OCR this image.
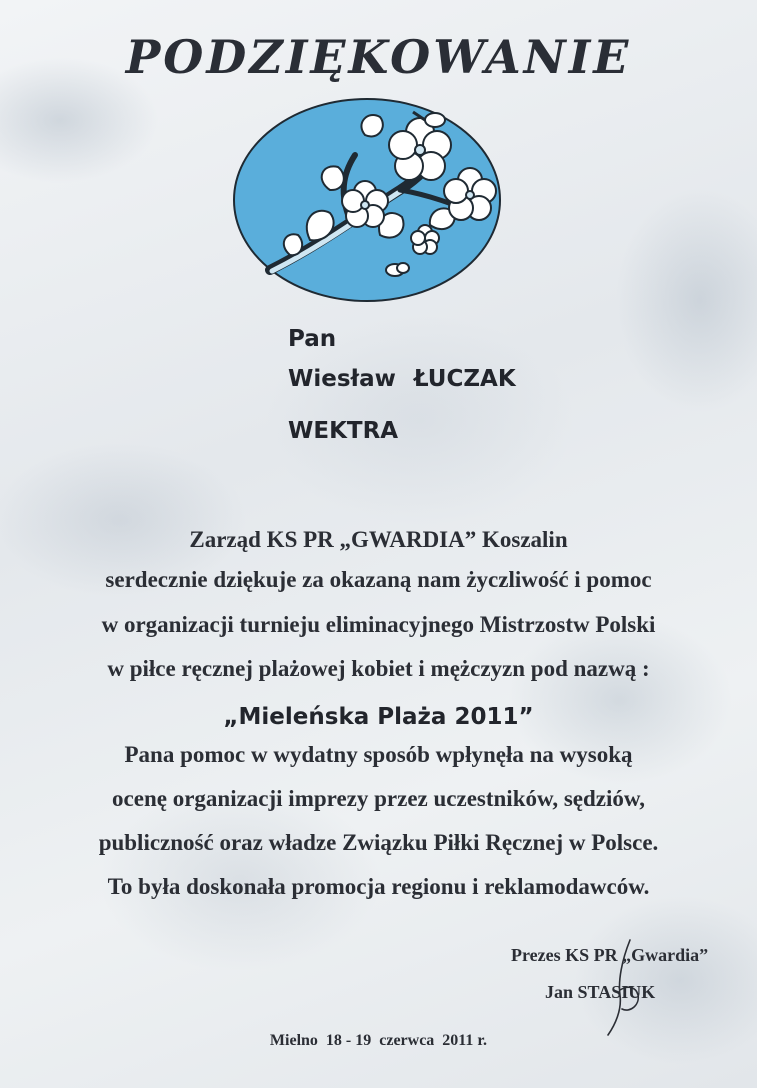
PODZIĘKOWANIE

Pan

Wiesław ŁUCZAK

WEKTRA

Zarząd KS PR „GWARDIA” Koszalin

serdecznie dziękuje za okazaną nam życzliwość i pomoc

w organizacji turnieju eliminacyjnego Mistrzostw Polski

w piłce ręcznej plażowej kobiet i mężczyzn pod nazwą :

„Mieleńska Plaża 2011”

Pana pomoc w wydatny sposób wpłynęła na wysoką

ocenę organizacji imprezy przez uczestników, sędziów,

publiczność oraz władze Związku Piłki Ręcznej w Polsce.

To była doskonała promocja regionu i reklamodawców.

Prezes KS PR „Gwardia”

Jan STASIUK

Mielno  18 - 19  czerwca  2011 r.
